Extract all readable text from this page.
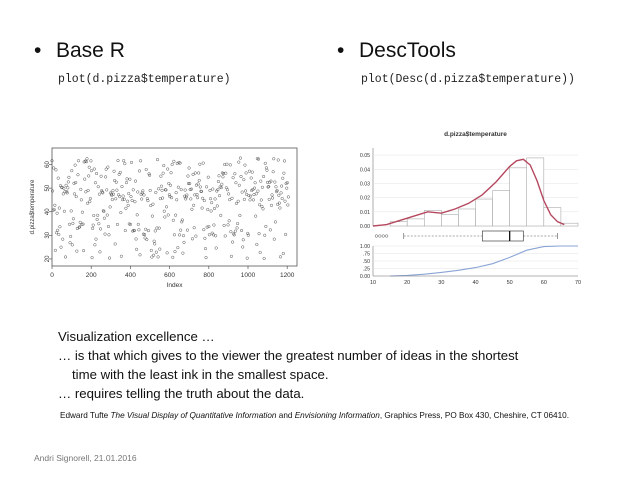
• Base R
plot(d.pizza$temperature)
• DescTools
plot(Desc(d.pizza$temperature))
0	200	400	600	800	1000	1200
20
30
40
50
60
Index
d.pizza$temperature
d.pizza$temperature
0.00
0.01
0.02
0.03
0.04
0.05
0.00
.25
.50
.75
1.00
10	20	30	40	50	60	70
Visualization excellence …
… is that which gives to the viewer the greatest number of ideas in the shortest
time with the least ink in the smallest space.
… requires telling the truth about the data.
Edward Tufte The Visual Display of Quantitative Information and Envisioning Information, Graphics Press, PO Box 430, Cheshire, CT 06410.
Andri Signorell, 21.01.2016
